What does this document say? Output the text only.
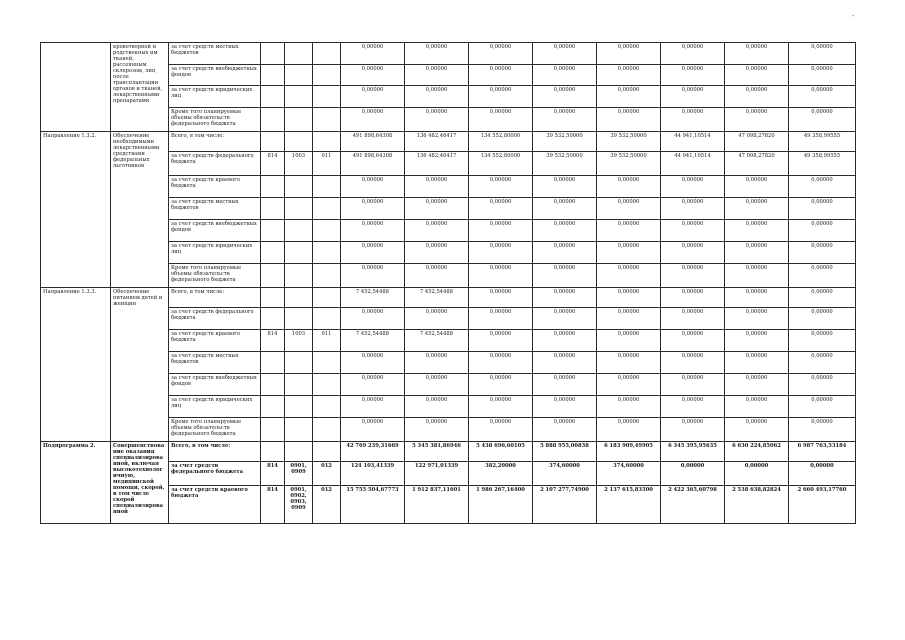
*
	кровотворной и родственных им тканей, рассеянным склерозом, лиц после трансплантации органов и тканей, лекарственными препаратами	за счет средств местных бюджетов				0,00000	0,00000	0,00000	0,00000	0,00000	0,00000	0,00000	0,00000
		за счет средств внебюджетных фондов				0,00000	0,00000	0,00000	0,00000	0,00000	0,00000	0,00000	0,00000
		за счет средств юридических лиц				0,00000	0,00000	0,00000	0,00000	0,00000	0,00000	0,00000	0,00000
		Кроме того планируемые объемы обязательств федерального бюджета				0,00000	0,00000	0,00000	0,00000	0,00000	0,00000	0,00000	0,00000
Направление 1.3.2.	Обеспечение необходимыми лекарственными средствами федеральных льготников	Всего, в том числе:				491 898,64308	136 482,46417	134 552,80000	39 532,50000	39 532,50000	44 941,10514	47 098,27820	49 358,99555
		за счет средств федерального бюджета	814	1003	011	491 898,64308	136 482,46417	134 552,80000	39 532,50000	39 532,50000	44 941,10514	47 098,27820	49 358,99555
		за счет средств краевого бюджета				0,00000	0,00000	0,00000	0,00000	0,00000	0,00000	0,00000	0,00000
		за счет средств местных бюджетов				0,00000	0,00000	0,00000	0,00000	0,00000	0,00000	0,00000	0,00000
		за счет средств внебюджетных фондов				0,00000	0,00000	0,00000	0,00000	0,00000	0,00000	0,00000	0,00000
		за счет средств юридических лиц				0,00000	0,00000	0,00000	0,00000	0,00000	0,00000	0,00000	0,00000
		Кроме того планируемые объемы обязательств федерального бюджета				0,00000	0,00000	0,00000	0,00000	0,00000	0,00000	0,00000	0,00000
Направление 1.3.3.	Обеспечение питанием детей и женщин	Всего, в том числе:				7 452,54488	7 452,54488	0,00000	0,00000	0,00000	0,00000	0,00000	0,00000
		за счет средств федерального бюджета				0,00000	0,00000	0,00000	0,00000	0,00000	0,00000	0,00000	0,00000
		за счет средств краевого бюджета	814	1003	011	7 452,54488	7 452,54488	0,00000	0,00000	0,00000	0,00000	0,00000	0,00000
		за счет средств местных бюджетов				0,00000	0,00000	0,00000	0,00000	0,00000	0,00000	0,00000	0,00000
		за счет средств внебюджетных фондов				0,00000	0,00000	0,00000	0,00000	0,00000	0,00000	0,00000	0,00000
		за счет средств юридических лиц				0,00000	0,00000	0,00000	0,00000	0,00000	0,00000	0,00000	0,00000
		Кроме того планируемые объемы обязательств федерального бюджета				0,00000	0,00000	0,00000	0,00000	0,00000	0,00000	0,00000	0,00000
Подпрограмма 2.	Совершенствование оказания специализированной, включая высокотехнологичную, медицинской помощи, скорой, в том числе скорой специализированной	Всего, в том числе:				42 769 239,31669	5 345 381,86946	5 438 696,60105	5 888 955,00838	6 183 909,49905	6 345 395,95635	6 630 224,85062	6 987 763,53184
		за счет средств федерального бюджета	814	0901, 0909	012	124 103,41339	122 971,01339	382,20000	374,60000	374,60000	0,00000	0,00000	0,00000
		за счет средств краевого бюджета	814	0901, 0902, 0903, 0909	012	15 755 504,67773	1 912 837,11601	1 986 267,16400	2 107 277,74900	2 137 615,83500	2 422 365,60798	2 538 638,82824	2 660 493,17760
